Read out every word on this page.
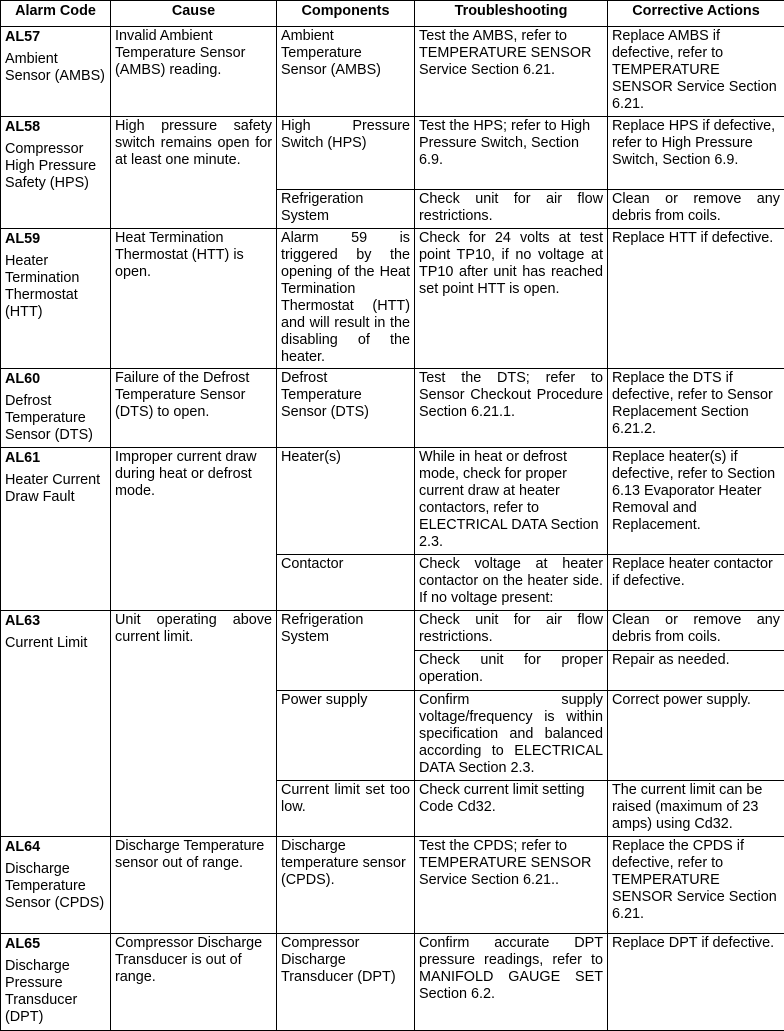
Alarm Code	Cause	Components	Troubleshooting	Corrective Actions

AL57
Ambient Sensor (AMBS)	Invalid Ambient Temperature Sensor (AMBS) reading.	Ambient Temperature Sensor (AMBS)	Test the AMBS, refer to TEMPERATURE SENSOR Service Section 6.21.	Replace AMBS if defective, refer to TEMPERATURE SENSOR Service Section 6.21.

AL58
Compressor High Pressure Safety (HPS)	High pressure safety switch remains open for at least one minute.	High Pressure Switch (HPS)	Test the HPS; refer to High Pressure Switch, Section 6.9.	Replace HPS if defective, refer to High Pressure Switch, Section 6.9.
		Refrigeration System	Check unit for air flow restrictions.	Clean or remove any debris from coils.

AL59
Heater Termination Thermostat (HTT)	Heat Termination Thermostat (HTT) is open.	Alarm 59 is triggered by the opening of the Heat Termination Thermostat (HTT) and will result in the disabling of the heater.	Check for 24 volts at test point TP10, if no voltage at TP10 after unit has reached set point HTT is open.	Replace HTT if defective.

AL60
Defrost Temperature Sensor (DTS)	Failure of the Defrost Temperature Sensor (DTS) to open.	Defrost Temperature Sensor (DTS)	Test the DTS; refer to Sensor Checkout Procedure Section 6.21.1.	Replace the DTS if defective, refer to Sensor Replacement Section 6.21.2.

AL61
Heater Current Draw Fault	Improper current draw during heat or defrost mode.	Heater(s)	While in heat or defrost mode, check for proper current draw at heater contactors, refer to ELECTRICAL DATA Section 2.3.	Replace heater(s) if defective, refer to Section 6.13 Evaporator Heater Removal and Replacement.
		Contactor	Check voltage at heater contactor on the heater side. If no voltage present:	Replace heater contactor if defective.

AL63
Current Limit	Unit operating above current limit.	Refrigeration System	Check unit for air flow restrictions.	Clean or remove any debris from coils.
			Check unit for proper operation.	Repair as needed.
		Power supply	Confirm supply voltage/frequency is within specification and balanced according to ELECTRICAL DATA Section 2.3.	Correct power supply.
		Current limit set too low.	Check current limit setting Code Cd32.	The current limit can be raised (maximum of 23 amps) using Cd32.

AL64
Discharge Temperature Sensor (CPDS)	Discharge Temperature sensor out of range.	Discharge temperature sensor (CPDS).	Test the CPDS; refer to TEMPERATURE SENSOR Service Section 6.21..	Replace the CPDS if defective, refer to TEMPERATURE SENSOR Service Section 6.21.

AL65
Discharge Pressure Transducer (DPT)	Compressor Discharge Transducer is out of range.	Compressor Discharge Transducer (DPT)	Confirm accurate DPT pressure readings, refer to MANIFOLD GAUGE SET Section 6.2.	Replace DPT if defective.
